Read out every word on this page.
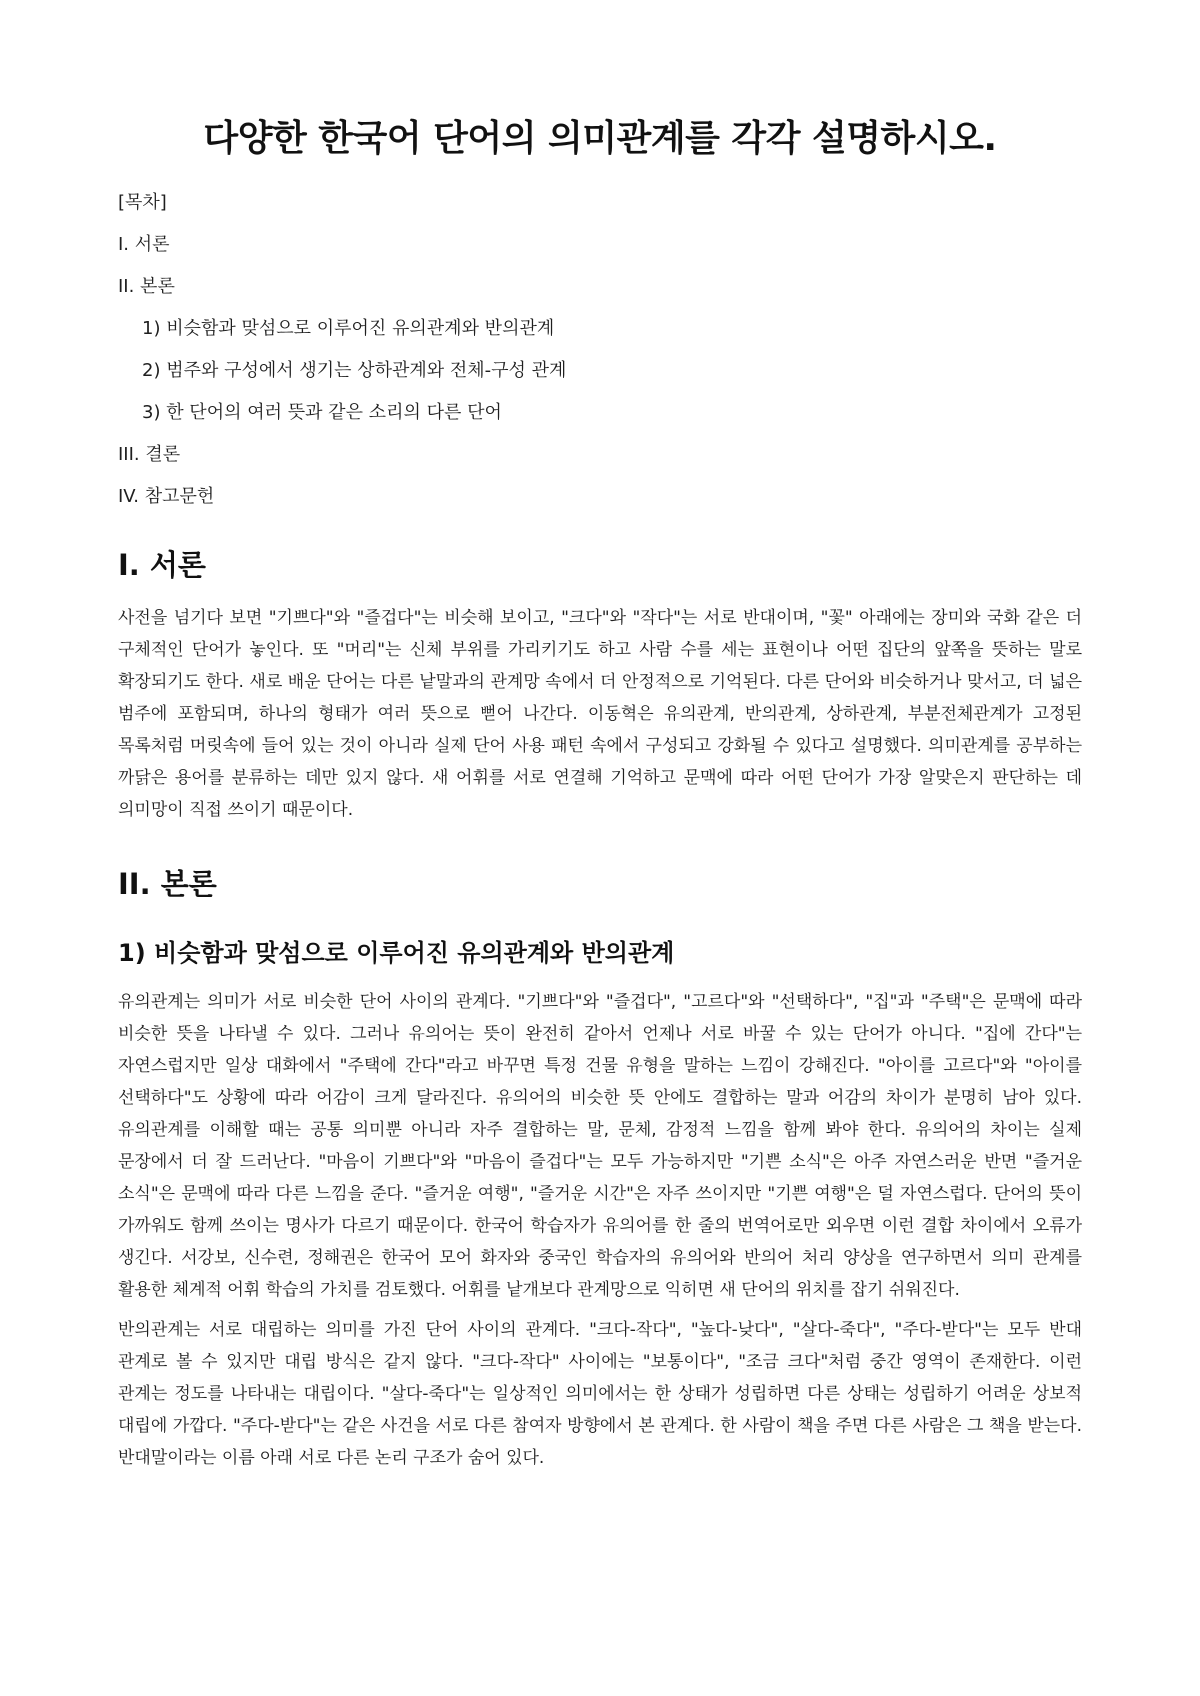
다양한 한국어 단어의 의미관계를 각각 설명하시오.
[목차]
I. 서론
II. 본론
1) 비슷함과 맞섬으로 이루어진 유의관계와 반의관계
2) 범주와 구성에서 생기는 상하관계와 전체-구성 관계
3) 한 단어의 여러 뜻과 같은 소리의 다른 단어
III. 결론
IV. 참고문헌
I. 서론

사전을 넘기다 보면 "기쁘다"와 "즐겁다"는 비슷해 보이고, "크다"와 "작다"는 서로 반대이며, "꽃" 아래에는 장미와 국화 같은 더 구체적인 단어가 놓인다. 또 "머리"는 신체 부위를 가리키기도 하고 사람 수를 세는 표현이나 어떤 집단의 앞쪽을 뜻하는 말로 확장되기도 한다. 새로 배운 단어는 다른 낱말과의 관계망 속에서 더 안정적으로 기억된다. 다른 단어와 비슷하거나 맞서고, 더 넓은 범주에 포함되며, 하나의 형태가 여러 뜻으로 뻗어 나간다. 이동혁은 유의관계, 반의관계, 상하관계, 부분전체관계가 고정된 목록처럼 머릿속에 들어 있는 것이 아니라 실제 단어 사용 패턴 속에서 구성되고 강화될 수 있다고 설명했다. 의미관계를 공부하는 까닭은 용어를 분류하는 데만 있지 않다. 새 어휘를 서로 연결해 기억하고 문맥에 따라 어떤 단어가 가장 알맞은지 판단하는 데 의미망이 직접 쓰이기 때문이다.

II. 본론
1) 비슷함과 맞섬으로 이루어진 유의관계와 반의관계

유의관계는 의미가 서로 비슷한 단어 사이의 관계다. "기쁘다"와 "즐겁다", "고르다"와 "선택하다", "집"과 "주택"은 문맥에 따라 비슷한 뜻을 나타낼 수 있다. 그러나 유의어는 뜻이 완전히 같아서 언제나 서로 바꿀 수 있는 단어가 아니다. "집에 간다"는 자연스럽지만 일상 대화에서 "주택에 간다"라고 바꾸면 특정 건물 유형을 말하는 느낌이 강해진다. "아이를 고르다"와 "아이를 선택하다"도 상황에 따라 어감이 크게 달라진다. 유의어의 비슷한 뜻 안에도 결합하는 말과 어감의 차이가 분명히 남아 있다. 유의관계를 이해할 때는 공통 의미뿐 아니라 자주 결합하는 말, 문체, 감정적 느낌을 함께 봐야 한다. 유의어의 차이는 실제 문장에서 더 잘 드러난다. "마음이 기쁘다"와 "마음이 즐겁다"는 모두 가능하지만 "기쁜 소식"은 아주 자연스러운 반면 "즐거운 소식"은 문맥에 따라 다른 느낌을 준다. "즐거운 여행", "즐거운 시간"은 자주 쓰이지만 "기쁜 여행"은 덜 자연스럽다. 단어의 뜻이 가까워도 함께 쓰이는 명사가 다르기 때문이다. 한국어 학습자가 유의어를 한 줄의 번역어로만 외우면 이런 결합 차이에서 오류가 생긴다. 서강보, 신수련, 정해권은 한국어 모어 화자와 중국인 학습자의 유의어와 반의어 처리 양상을 연구하면서 의미 관계를 활용한 체계적 어휘 학습의 가치를 검토했다. 어휘를 낱개보다 관계망으로 익히면 새 단어의 위치를 잡기 쉬워진다.

반의관계는 서로 대립하는 의미를 가진 단어 사이의 관계다. "크다-작다", "높다-낮다", "살다-죽다", "주다-받다"는 모두 반대 관계로 볼 수 있지만 대립 방식은 같지 않다. "크다-작다" 사이에는 "보통이다", "조금 크다"처럼 중간 영역이 존재한다. 이런 관계는 정도를 나타내는 대립이다. "살다-죽다"는 일상적인 의미에서는 한 상태가 성립하면 다른 상태는 성립하기 어려운 상보적 대립에 가깝다. "주다-받다"는 같은 사건을 서로 다른 참여자 방향에서 본 관계다. 한 사람이 책을 주면 다른 사람은 그 책을 받는다. 반대말이라는 이름 아래 서로 다른 논리 구조가 숨어 있다.
